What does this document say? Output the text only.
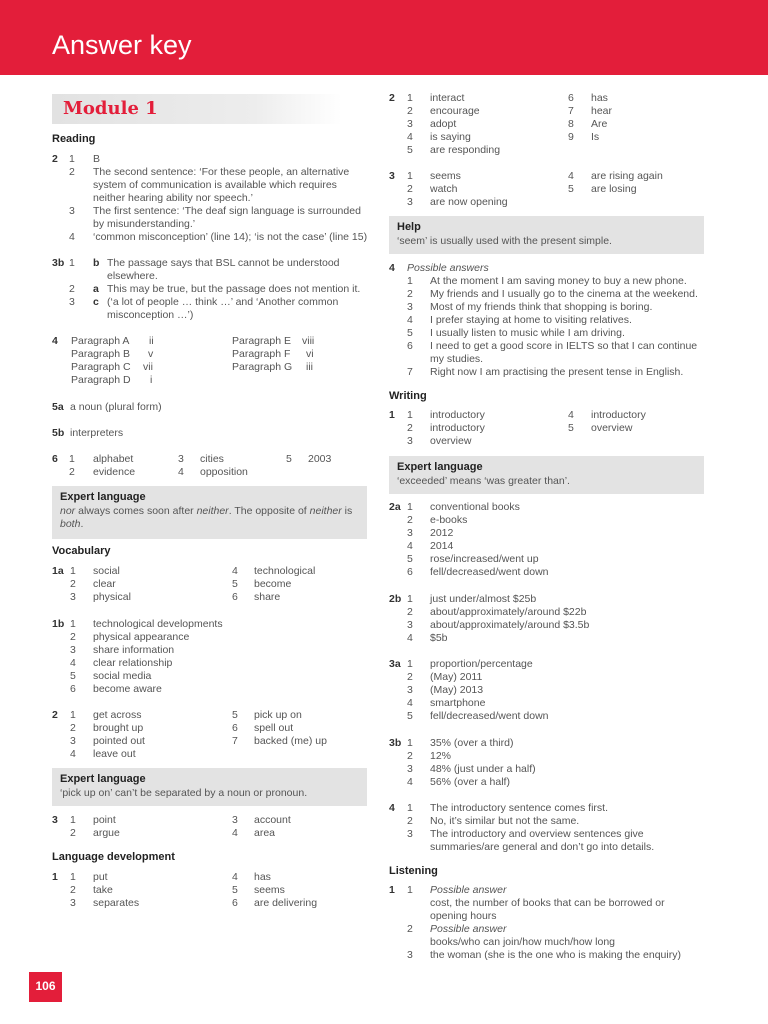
Answer key
Module 1
Reading
2 1 B
2 The second sentence: ‘For these people, an alternative system of communication is available which requires neither hearing ability nor speech.’
3 The first sentence: ‘The deaf sign language is surrounded by misunderstanding.’
4 ‘common misconception’ (line 14); ‘is not the case’ (line 15)
3b 1 b The passage says that BSL cannot be understood elsewhere.
2 a This may be true, but the passage does not mention it.
3 c (‘a lot of people … think …’ and ‘Another common misconception …’)
4 Paragraph A ii
Paragraph B v
Paragraph C vii
Paragraph D i
Paragraph E viii
Paragraph F vi
Paragraph G iii
5a a noun (plural form)
5b interpreters
6 1 alphabet	3 cities	5 2003
2 evidence	4 opposition
Expert language
nor always comes soon after neither. The opposite of neither is both.
Vocabulary
1a 1 social
2 clear
3 physical
4 technological
5 become
6 share
1b 1 technological developments
2 physical appearance
3 share information
4 clear relationship
5 social media
6 become aware
2 1 get across
2 brought up
3 pointed out
4 leave out
5 pick up on
6 spell out
7 backed (me) up
Expert language
‘pick up on’ can’t be separated by a noun or pronoun.
3 1 point
2 argue
3 account
4 area
Language development
1 1 put
2 take
3 separates
4 has
5 seems
6 are delivering
2 1 interact
2 encourage
3 adopt
4 is saying
5 are responding
6 has
7 hear
8 Are
9 Is
3 1 seems
2 watch
3 are now opening
4 are rising again
5 are losing
Help
‘seem’ is usually used with the present simple.
4 Possible answers
1 At the moment I am saving money to buy a new phone.
2 My friends and I usually go to the cinema at the weekend.
3 Most of my friends think that shopping is boring.
4 I prefer staying at home to visiting relatives.
5 I usually listen to music while I am driving.
6 I need to get a good score in IELTS so that I can continue my studies.
7 Right now I am practising the present tense in English.
Writing
1 1 introductory
2 introductory
3 overview
4 introductory
5 overview
Expert language
‘exceeded’ means ‘was greater than’.
2a 1 conventional books
2 e-books
3 2012
4 2014
5 rose/increased/went up
6 fell/decreased/went down
2b 1 just under/almost $25b
2 about/approximately/around $22b
3 about/approximately/around $3.5b
4 $5b
3a 1 proportion/percentage
2 (May) 2011
3 (May) 2013
4 smartphone
5 fell/decreased/went down
3b 1 35% (over a third)
2 12%
3 48% (just under a half)
4 56% (over a half)
4 1 The introductory sentence comes first.
2 No, it’s similar but not the same.
3 The introductory and overview sentences give summaries/are general and don’t go into details.
Listening
1 1 Possible answer
cost, the number of books that can be borrowed or opening hours
2 Possible answer
books/who can join/how much/how long
3 the woman (she is the one who is making the enquiry)
106
